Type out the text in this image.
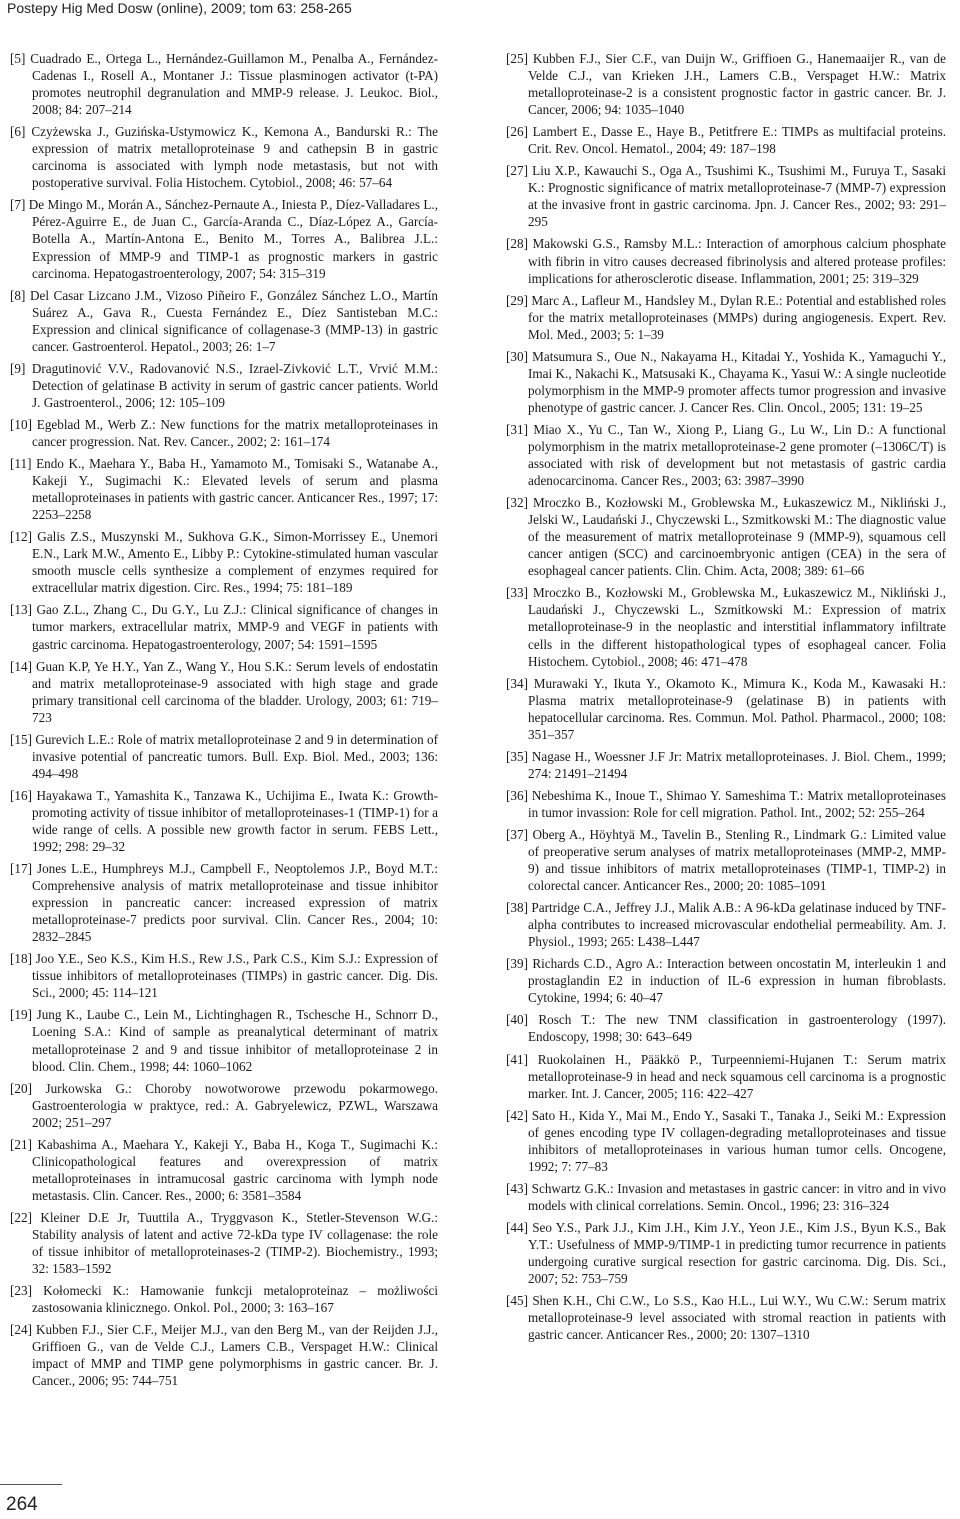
Postepy Hig Med Dosw (online), 2009; tom 63: 258-265

[5] Cuadrado E., Ortega L., Hernández-Guillamon M., Penalba A., Fernández-Cadenas I., Rosell A., Montaner J.: Tissue plasminogen activator (t-PA) promotes neutrophil degranulation and MMP-9 release. J. Leukoc. Biol., 2008; 84: 207–214

[6] Czyżewska J., Guzińska-Ustymowicz K., Kemona A., Bandurski R.: The expression of matrix metalloproteinase 9 and cathepsin B in gastric carcinoma is associated with lymph node metastasis, but not with postoperative survival. Folia Histochem. Cytobiol., 2008; 46: 57–64

[7] De Mingo M., Morán A., Sánchez-Pernaute A., Iniesta P., Díez-Valladares L., Pérez-Aguirre E., de Juan C., García-Aranda C., Díaz-López A., García-Botella A., Martín-Antona E., Benito M., Torres A., Balibrea J.L.: Expression of MMP-9 and TIMP-1 as prognostic markers in gastric carcinoma. Hepatogastroenterology, 2007; 54: 315–319

[8] Del Casar Lizcano J.M., Vizoso Piñeiro F., González Sánchez L.O., Martín Suárez A., Gava R., Cuesta Fernández E., Díez Santisteban M.C.: Expression and clinical significance of collagenase-3 (MMP-13) in gastric cancer. Gastroenterol. Hepatol., 2003; 26: 1–7

[9] Dragutinović V.V., Radovanović N.S., Izrael-Zivković L.T., Vrvić M.M.: Detection of gelatinase B activity in serum of gastric cancer patients. World J. Gastroenterol., 2006; 12: 105–109

[10] Egeblad M., Werb Z.: New functions for the matrix metalloproteinases in cancer progression. Nat. Rev. Cancer., 2002; 2: 161–174

[11] Endo K., Maehara Y., Baba H., Yamamoto M., Tomisaki S., Watanabe A., Kakeji Y., Sugimachi K.: Elevated levels of serum and plasma metalloproteinases in patients with gastric cancer. Anticancer Res., 1997; 17: 2253–2258

[12] Galis Z.S., Muszynski M., Sukhova G.K., Simon-Morrissey E., Unemori E.N., Lark M.W., Amento E., Libby P.: Cytokine-stimulated human vascular smooth muscle cells synthesize a complement of enzymes required for extracellular matrix digestion. Circ. Res., 1994; 75: 181–189

[13] Gao Z.L., Zhang C., Du G.Y., Lu Z.J.: Clinical significance of changes in tumor markers, extracellular matrix, MMP-9 and VEGF in patients with gastric carcinoma. Hepatogastroenterology, 2007; 54: 1591–1595

[14] Guan K.P, Ye H.Y., Yan Z., Wang Y., Hou S.K.: Serum levels of endostatin and matrix metalloproteinase-9 associated with high stage and grade primary transitional cell carcinoma of the bladder. Urology, 2003; 61: 719–723

[15] Gurevich L.E.: Role of matrix metalloproteinase 2 and 9 in determination of invasive potential of pancreatic tumors. Bull. Exp. Biol. Med., 2003; 136: 494–498

[16] Hayakawa T., Yamashita K., Tanzawa K., Uchijima E., Iwata K.: Growth-promoting activity of tissue inhibitor of metalloproteinases-1 (TIMP-1) for a wide range of cells. A possible new growth factor in serum. FEBS Lett., 1992; 298: 29–32

[17] Jones L.E., Humphreys M.J., Campbell F., Neoptolemos J.P., Boyd M.T.: Comprehensive analysis of matrix metalloproteinase and tissue inhibitor expression in pancreatic cancer: increased expression of matrix metalloproteinase-7 predicts poor survival. Clin. Cancer Res., 2004; 10: 2832–2845

[18] Joo Y.E., Seo K.S., Kim H.S., Rew J.S., Park C.S., Kim S.J.: Expression of tissue inhibitors of metalloproteinases (TIMPs) in gastric cancer. Dig. Dis. Sci., 2000; 45: 114–121

[19] Jung K., Laube C., Lein M., Lichtinghagen R., Tschesche H., Schnorr D., Loening S.A.: Kind of sample as preanalytical determinant of matrix metalloproteinase 2 and 9 and tissue inhibitor of metalloproteinase 2 in blood. Clin. Chem., 1998; 44: 1060–1062

[20] Jurkowska G.: Choroby nowotworowe przewodu pokarmowego. Gastroenterologia w praktyce, red.: A. Gabryelewicz, PZWL, Warszawa 2002; 251–297

[21] Kabashima A., Maehara Y., Kakeji Y., Baba H., Koga T., Sugimachi K.: Clinicopathological features and overexpression of matrix metalloproteinases in intramucosal gastric carcinoma with lymph node metastasis. Clin. Cancer. Res., 2000; 6: 3581–3584

[22] Kleiner D.E Jr, Tuuttila A., Tryggvason K., Stetler-Stevenson W.G.: Stability analysis of latent and active 72-kDa type IV collagenase: the role of tissue inhibitor of metalloproteinases-2 (TIMP-2). Biochemistry., 1993; 32: 1583–1592

[23] Kołomecki K.: Hamowanie funkcji metaloproteinaz – możliwości zastosowania klinicznego. Onkol. Pol., 2000; 3: 163–167

[24] Kubben F.J., Sier C.F., Meijer M.J., van den Berg M., van der Reijden J.J., Griffioen G., van de Velde C.J., Lamers C.B., Verspaget H.W.: Clinical impact of MMP and TIMP gene polymorphisms in gastric cancer. Br. J. Cancer., 2006; 95: 744–751

[25] Kubben F.J., Sier C.F., van Duijn W., Griffioen G., Hanemaaijer R., van de Velde C.J., van Krieken J.H., Lamers C.B., Verspaget H.W.: Matrix metalloproteinase-2 is a consistent prognostic factor in gastric cancer. Br. J. Cancer, 2006; 94: 1035–1040

[26] Lambert E., Dasse E., Haye B., Petitfrere E.: TIMPs as multifacial proteins. Crit. Rev. Oncol. Hematol., 2004; 49: 187–198

[27] Liu X.P., Kawauchi S., Oga A., Tsushimi K., Tsushimi M., Furuya T., Sasaki K.: Prognostic significance of matrix metalloproteinase-7 (MMP-7) expression at the invasive front in gastric carcinoma. Jpn. J. Cancer Res., 2002; 93: 291–295

[28] Makowski G.S., Ramsby M.L.: Interaction of amorphous calcium phosphate with fibrin in vitro causes decreased fibrinolysis and altered protease profiles: implications for atherosclerotic disease. Inflammation, 2001; 25: 319–329

[29] Marc A., Lafleur M., Handsley M., Dylan R.E.: Potential and established roles for the matrix metalloproteinases (MMPs) during angiogenesis. Expert. Rev. Mol. Med., 2003; 5: 1–39

[30] Matsumura S., Oue N., Nakayama H., Kitadai Y., Yoshida K., Yamaguchi Y., Imai K., Nakachi K., Matsusaki K., Chayama K., Yasui W.: A single nucleotide polymorphism in the MMP-9 promoter affects tumor progression and invasive phenotype of gastric cancer. J. Cancer Res. Clin. Oncol., 2005; 131: 19–25

[31] Miao X., Yu C., Tan W., Xiong P., Liang G., Lu W., Lin D.: A functional polymorphism in the matrix metalloproteinase-2 gene promoter (–1306C/T) is associated with risk of development but not metastasis of gastric cardia adenocarcinoma. Cancer Res., 2003; 63: 3987–3990

[32] Mroczko B., Kozłowski M., Groblewska M., Łukaszewicz M., Nikliński J., Jelski W., Laudański J., Chyczewski L., Szmitkowski M.: The diagnostic value of the measurement of matrix metalloproteinase 9 (MMP-9), squamous cell cancer antigen (SCC) and carcinoembryonic antigen (CEA) in the sera of esophageal cancer patients. Clin. Chim. Acta, 2008; 389: 61–66

[33] Mroczko B., Kozłowski M., Groblewska M., Łukaszewicz M., Nikliński J., Laudański J., Chyczewski L., Szmitkowski M.: Expression of matrix metalloproteinase-9 in the neoplastic and interstitial inflammatory infiltrate cells in the different histopathological types of esophageal cancer. Folia Histochem. Cytobiol., 2008; 46: 471–478

[34] Murawaki Y., Ikuta Y., Okamoto K., Mimura K., Koda M., Kawasaki H.: Plasma matrix metalloproteinase-9 (gelatinase B) in patients with hepatocellular carcinoma. Res. Commun. Mol. Pathol. Pharmacol., 2000; 108: 351–357

[35] Nagase H., Woessner J.F Jr: Matrix metalloproteinases. J. Biol. Chem., 1999; 274: 21491–21494

[36] Nebeshima K., Inoue T., Shimao Y. Sameshima T.: Matrix metalloproteinases in tumor invassion: Role for cell migration. Pathol. Int., 2002; 52: 255–264

[37] Oberg A., Höyhtyä M., Tavelin B., Stenling R., Lindmark G.: Limited value of preoperative serum analyses of matrix metalloproteinases (MMP-2, MMP-9) and tissue inhibitors of matrix metalloproteinases (TIMP-1, TIMP-2) in colorectal cancer. Anticancer Res., 2000; 20: 1085–1091

[38] Partridge C.A., Jeffrey J.J., Malik A.B.: A 96-kDa gelatinase induced by TNF-alpha contributes to increased microvascular endothelial permeability. Am. J. Physiol., 1993; 265: L438–L447

[39] Richards C.D., Agro A.: Interaction between oncostatin M, interleukin 1 and prostaglandin E2 in induction of IL-6 expression in human fibroblasts. Cytokine, 1994; 6: 40–47

[40] Rosch T.: The new TNM classification in gastroenterology (1997). Endoscopy, 1998; 30: 643–649

[41] Ruokolainen H., Pääkkö P., Turpeenniemi-Hujanen T.: Serum matrix metalloproteinase-9 in head and neck squamous cell carcinoma is a prognostic marker. Int. J. Cancer, 2005; 116: 422–427

[42] Sato H., Kida Y., Mai M., Endo Y., Sasaki T., Tanaka J., Seiki M.: Expression of genes encoding type IV collagen-degrading metalloproteinases and tissue inhibitors of metalloproteinases in various human tumor cells. Oncogene, 1992; 7: 77–83

[43] Schwartz G.K.: Invasion and metastases in gastric cancer: in vitro and in vivo models with clinical correlations. Semin. Oncol., 1996; 23: 316–324

[44] Seo Y.S., Park J.J., Kim J.H., Kim J.Y., Yeon J.E., Kim J.S., Byun K.S., Bak Y.T.: Usefulness of MMP-9/TIMP-1 in predicting tumor recurrence in patients undergoing curative surgical resection for gastric carcinoma. Dig. Dis. Sci., 2007; 52: 753–759

[45] Shen K.H., Chi C.W., Lo S.S., Kao H.L., Lui W.Y., Wu C.W.: Serum matrix metalloproteinase-9 level associated with stromal reaction in patients with gastric cancer. Anticancer Res., 2000; 20: 1307–1310

264
